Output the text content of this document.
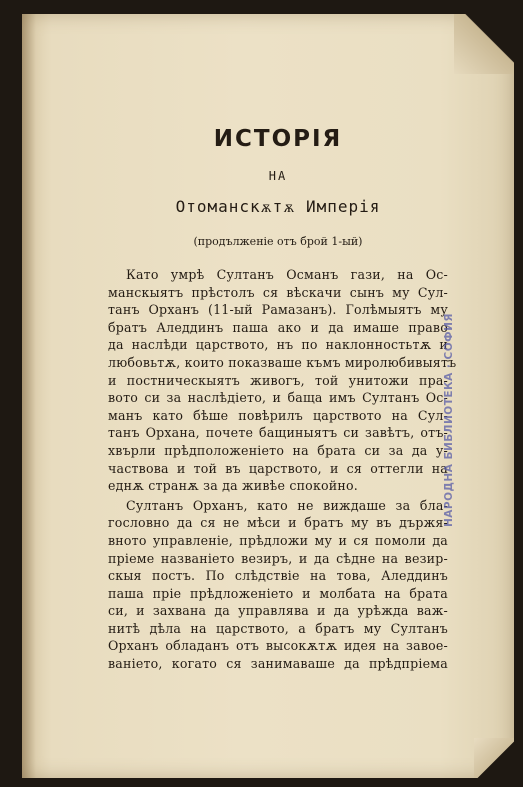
ИСТОРІЯ
НА
Отоманскѫтѫ Имперія
(продълженіе отъ брой 1-ый)

Като умрѣ Султанъ Османъ гази, на Ос-
манскыятъ прѣстолъ ся вѣскачи сынъ му Сул-
танъ Орханъ (11-ый Рамазанъ). Голѣмыятъ му
братъ Аледдинъ паша ако и да имаше право
да наслѣди царството, нъ по наклонностьтѫ и
любовьтѫ, които показваше къмъ миролюбивыятъ
и постническыятъ живогъ, той унитожи пра-
вото си за наслѣдіето, и баща имъ Султанъ Ос-
манъ като бѣше повѣрилъ царството на Сул-
танъ Орхана, почете бащиныятъ си завѣтъ, отъ-
хвърли прѣдположеніето на брата си за да у-
частвова и той въ царството, и ся оттегли на
еднѫ странѫ за да живѣе спокойно.

Султанъ Орханъ, като не виждаше за бла-
гословно да ся не мѣси и братъ му въ държя-
вното управленіе, прѣдложи му и ся помоли да
пріеме названіето везиръ, и да сѣдне на везир-
скыя постъ. По слѣдствіе на това, Аледдинъ
паша пріе прѣдложеніето и молбата на брата
си, и захвана да управлява и да урѣжда важ-
нитѣ дѣла на царството, а братъ му Султанъ
Орханъ обладанъ отъ высокѫтѫ идея на завое-
ваніето, когато ся занимаваше да прѣдпріема

НАРОДНА БИБЛИОТЕКА · СОФИЯ
